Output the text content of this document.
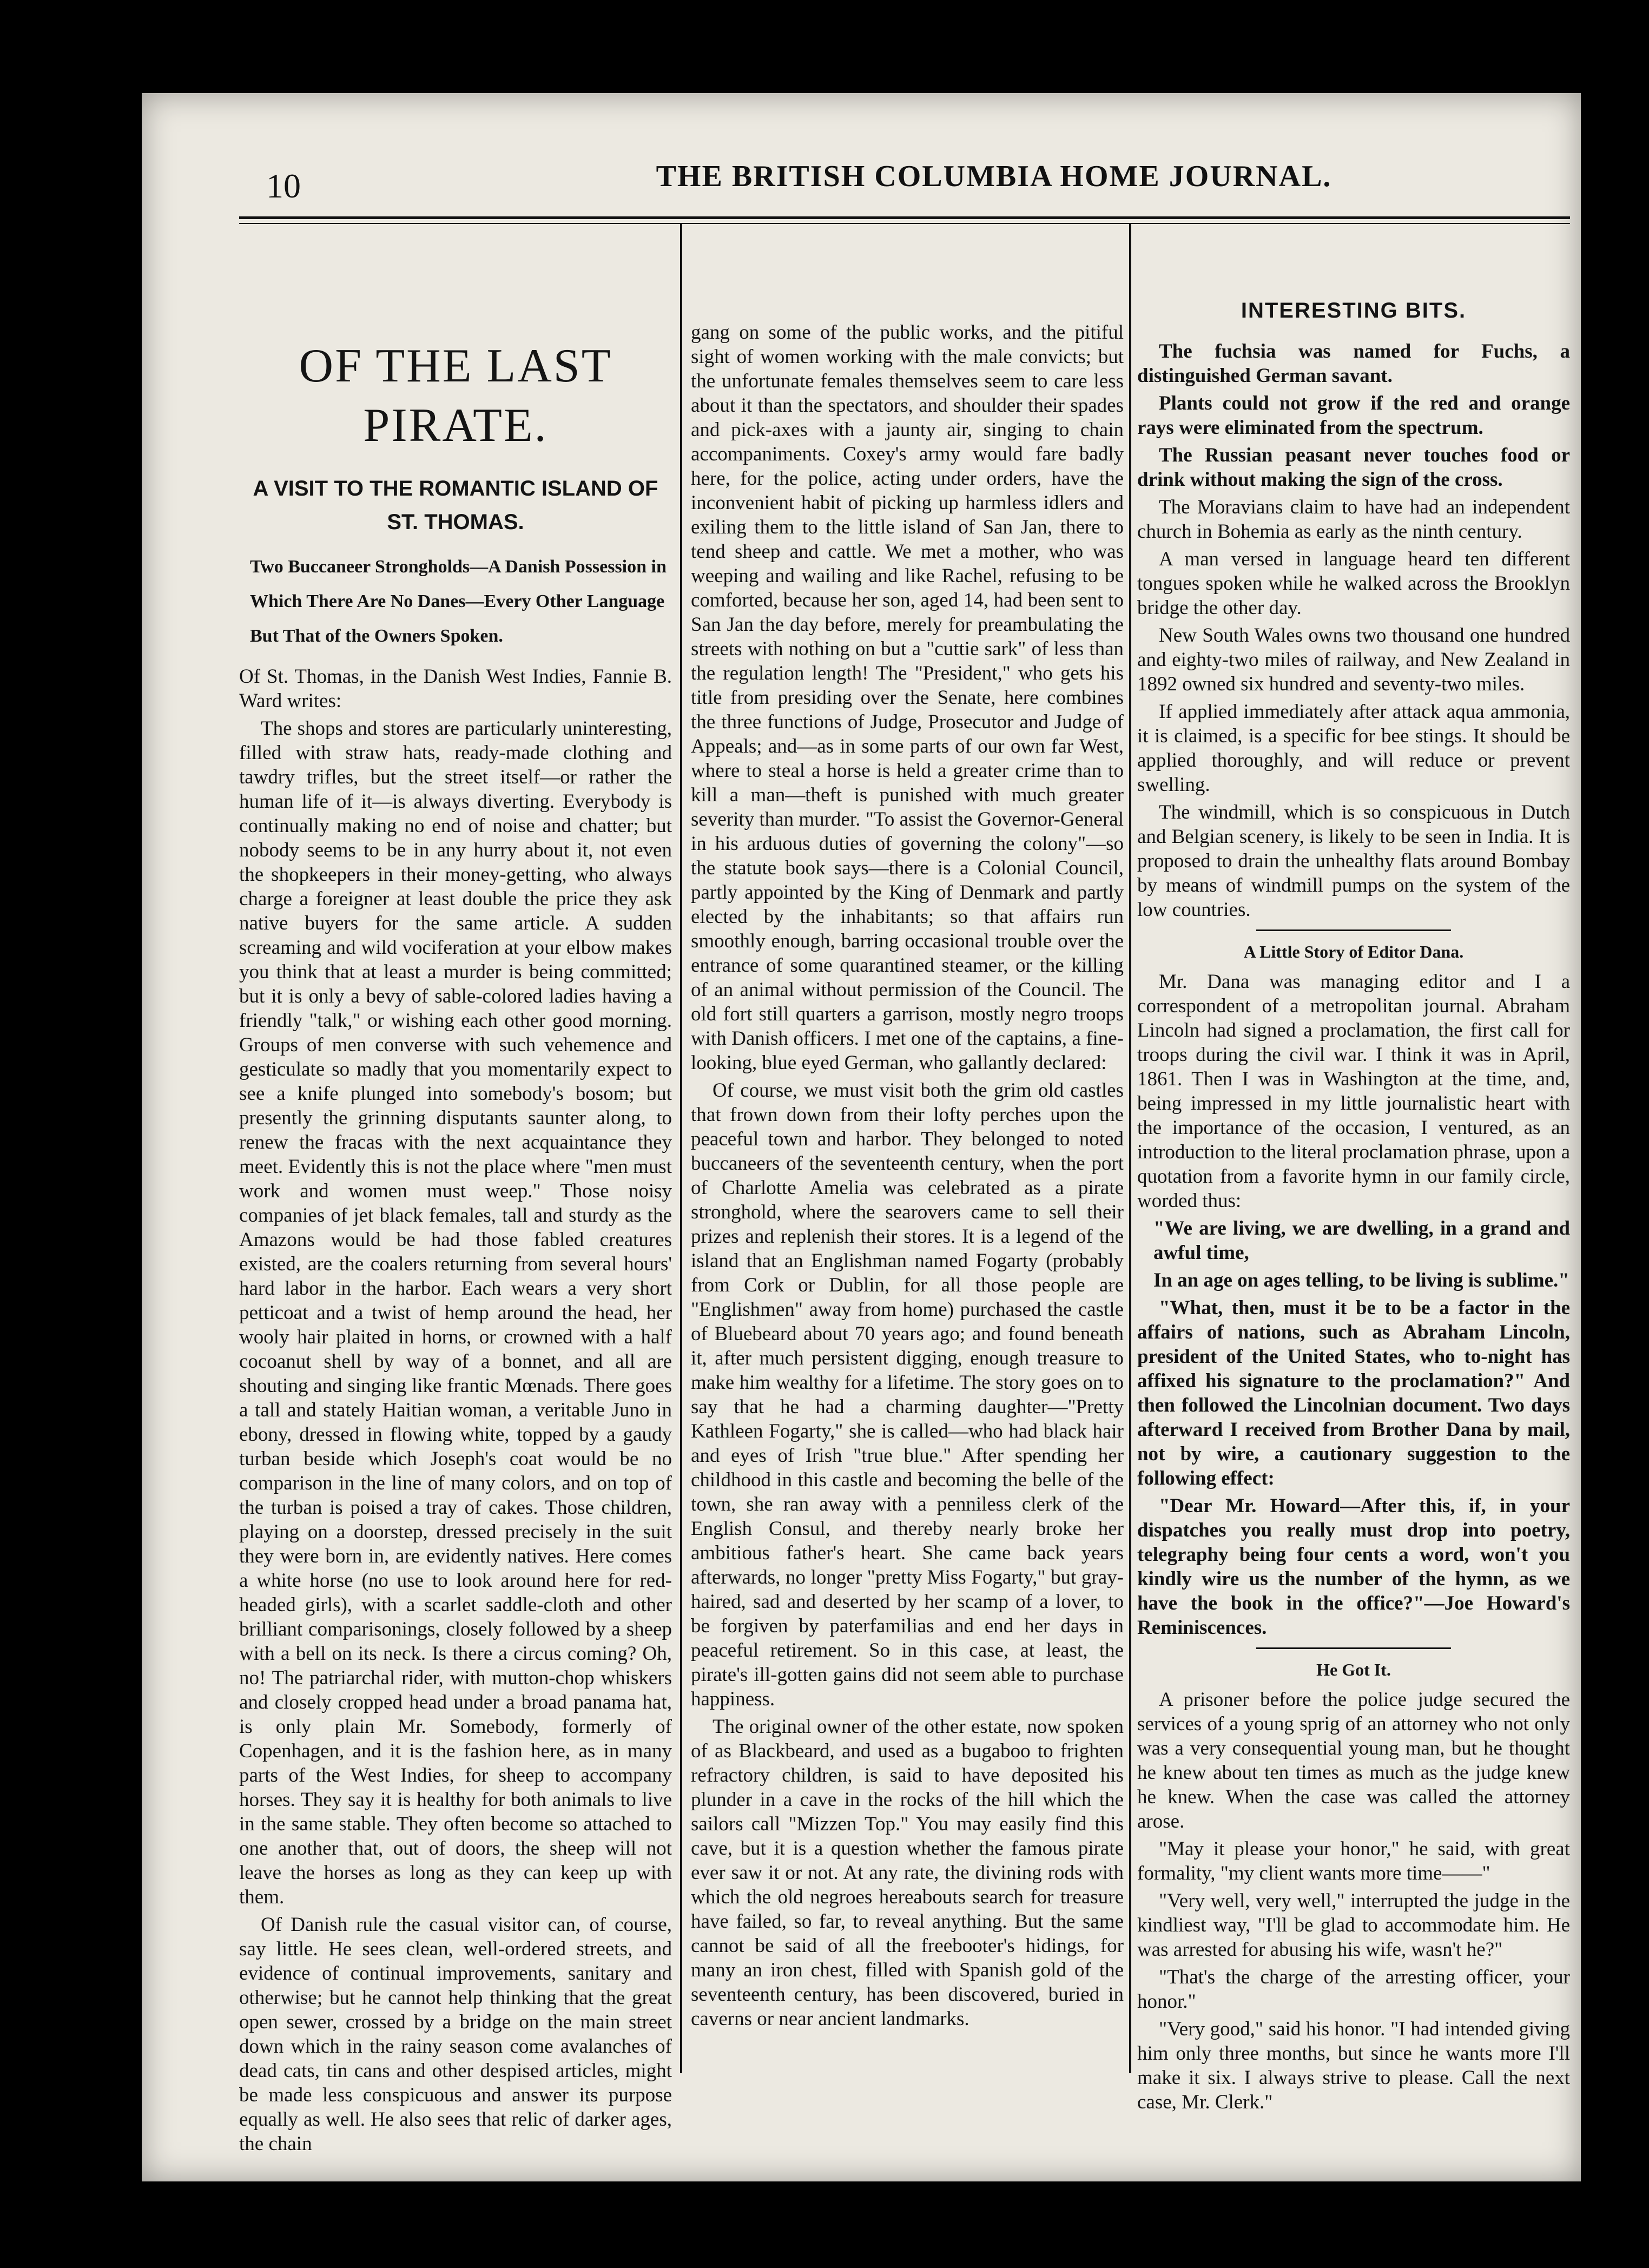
10	THE BRITISH COLUMBIA HOME JOURNAL.
OF THE LAST PIRATE.
A VISIT TO THE ROMANTIC ISLAND OF ST. THOMAS.
Two Buccaneer Strongholds—A Danish Possession in Which There Are No Danes—Every Other Language But That of the Owners Spoken.

Of St. Thomas, in the Danish West Indies, Fannie B. Ward writes:

The shops and stores are particularly uninteresting, filled with straw hats, ready-made clothing and tawdry trifles, but the street itself—or rather the human life of it—is always diverting. Everybody is continually making no end of noise and chatter; but nobody seems to be in any hurry about it, not even the shopkeepers in their money-getting, who always charge a foreigner at least double the price they ask native buyers for the same article. A sudden screaming and wild vociferation at your elbow makes you think that at least a murder is being committed; but it is only a bevy of sable-colored ladies having a friendly "talk," or wishing each other good morning. Groups of men converse with such vehemence and gesticulate so madly that you momentarily expect to see a knife plunged into somebody's bosom; but presently the grinning disputants saunter along, to renew the fracas with the next acquaintance they meet. Evidently this is not the place where "men must work and women must weep." Those noisy companies of jet black females, tall and sturdy as the Amazons would be had those fabled creatures existed, are the coalers returning from several hours' hard labor in the harbor. Each wears a very short petticoat and a twist of hemp around the head, her wooly hair plaited in horns, or crowned with a half cocoanut shell by way of a bonnet, and all are shouting and singing like frantic Mœnads. There goes a tall and stately Haitian woman, a veritable Juno in ebony, dressed in flowing white, topped by a gaudy turban beside which Joseph's coat would be no comparison in the line of many colors, and on top of the turban is poised a tray of cakes. Those children, playing on a doorstep, dressed precisely in the suit they were born in, are evidently natives. Here comes a white horse (no use to look around here for red-headed girls), with a scarlet saddle-cloth and other brilliant comparisonings, closely followed by a sheep with a bell on its neck. Is there a circus coming? Oh, no! The patriarchal rider, with mutton-chop whiskers and closely cropped head under a broad panama hat, is only plain Mr. Somebody, formerly of Copenhagen, and it is the fashion here, as in many parts of the West Indies, for sheep to accompany horses. They say it is healthy for both animals to live in the same stable. They often become so attached to one another that, out of doors, the sheep will not leave the horses as long as they can keep up with them.

Of Danish rule the casual visitor can, of course, say little. He sees clean, well-ordered streets, and evidence of continual improvements, sanitary and otherwise; but he cannot help thinking that the great open sewer, crossed by a bridge on the main street down which in the rainy season come avalanches of dead cats, tin cans and other despised articles, might be made less conspicuous and answer its purpose equally as well. He also sees that relic of darker ages, the chain

gang on some of the public works, and the pitiful sight of women working with the male convicts; but the unfortunate females themselves seem to care less about it than the spectators, and shoulder their spades and pick-axes with a jaunty air, singing to chain accompaniments. Coxey's army would fare badly here, for the police, acting under orders, have the inconvenient habit of picking up harmless idlers and exiling them to the little island of San Jan, there to tend sheep and cattle. We met a mother, who was weeping and wailing and like Rachel, refusing to be comforted, because her son, aged 14, had been sent to San Jan the day before, merely for preambulating the streets with nothing on but a "cuttie sark" of less than the regulation length! The "President," who gets his title from presiding over the Senate, here combines the three functions of Judge, Prosecutor and Judge of Appeals; and—as in some parts of our own far West, where to steal a horse is held a greater crime than to kill a man—theft is punished with much greater severity than murder. "To assist the Governor-General in his arduous duties of governing the colony"—so the statute book says—there is a Colonial Council, partly appointed by the King of Denmark and partly elected by the inhabitants; so that affairs run smoothly enough, barring occasional trouble over the entrance of some quarantined steamer, or the killing of an animal without permission of the Council. The old fort still quarters a garrison, mostly negro troops with Danish officers. I met one of the captains, a fine-looking, blue eyed German, who gallantly declared:

Of course, we must visit both the grim old castles that frown down from their lofty perches upon the peaceful town and harbor. They belonged to noted buccaneers of the seventeenth century, when the port of Charlotte Amelia was celebrated as a pirate stronghold, where the searovers came to sell their prizes and replenish their stores. It is a legend of the island that an Englishman named Fogarty (probably from Cork or Dublin, for all those people are "Englishmen" away from home) purchased the castle of Bluebeard about 70 years ago; and found beneath it, after much persistent digging, enough treasure to make him wealthy for a lifetime. The story goes on to say that he had a charming daughter—"Pretty Kathleen Fogarty," she is called—who had black hair and eyes of Irish "true blue." After spending her childhood in this castle and becoming the belle of the town, she ran away with a penniless clerk of the English Consul, and thereby nearly broke her ambitious father's heart. She came back years afterwards, no longer "pretty Miss Fogarty," but gray-haired, sad and deserted by her scamp of a lover, to be forgiven by paterfamilias and end her days in peaceful retirement. So in this case, at least, the pirate's ill-gotten gains did not seem able to purchase happiness.

The original owner of the other estate, now spoken of as Blackbeard, and used as a bugaboo to frighten refractory children, is said to have deposited his plunder in a cave in the rocks of the hill which the sailors call "Mizzen Top." You may easily find this cave, but it is a question whether the famous pirate ever saw it or not. At any rate, the divining rods with which the old negroes hereabouts search for treasure have failed, so far, to reveal anything. But the same cannot be said of all the freebooter's hidings, for many an iron chest, filled with Spanish gold of the seventeenth century, has been discovered, buried in caverns or near ancient landmarks.

INTERESTING BITS.

The fuchsia was named for Fuchs, a distinguished German savant.

Plants could not grow if the red and orange rays were eliminated from the spectrum.

The Russian peasant never touches food or drink without making the sign of the cross.

The Moravians claim to have had an independent church in Bohemia as early as the ninth century.

A man versed in language heard ten different tongues spoken while he walked across the Brooklyn bridge the other day.

New South Wales owns two thousand one hundred and eighty-two miles of railway, and New Zealand in 1892 owned six hundred and seventy-two miles.

If applied immediately after attack aqua ammonia, it is claimed, is a specific for bee stings. It should be applied thoroughly, and will reduce or prevent swelling.

The windmill, which is so conspicuous in Dutch and Belgian scenery, is likely to be seen in India. It is proposed to drain the unhealthy flats around Bombay by means of windmill pumps on the system of the low countries.

A Little Story of Editor Dana.

Mr. Dana was managing editor and I a correspondent of a metropolitan journal. Abraham Lincoln had signed a proclamation, the first call for troops during the civil war. I think it was in April, 1861. Then I was in Washington at the time, and, being impressed in my little journalistic heart with the importance of the occasion, I ventured, as an introduction to the literal proclamation phrase, upon a quotation from a favorite hymn in our family circle, worded thus:

"We are living, we are dwelling, in a grand and awful time,

In an age on ages telling, to be living is sublime."

"What, then, must it be to be a factor in the affairs of nations, such as Abraham Lincoln, president of the United States, who to-night has affixed his signature to the proclamation?" And then followed the Lincolnian document. Two days afterward I received from Brother Dana by mail, not by wire, a cautionary suggestion to the following effect:

"Dear Mr. Howard—After this, if, in your dispatches you really must drop into poetry, telegraphy being four cents a word, won't you kindly wire us the number of the hymn, as we have the book in the office?"—Joe Howard's Reminiscences.

He Got It.

A prisoner before the police judge secured the services of a young sprig of an attorney who not only was a very consequential young man, but he thought he knew about ten times as much as the judge knew he knew. When the case was called the attorney arose.

"May it please your honor," he said, with great formality, "my client wants more time——"

"Very well, very well," interrupted the judge in the kindliest way, "I'll be glad to accommodate him. He was arrested for abusing his wife, wasn't he?"

"That's the charge of the arresting officer, your honor."

"Very good," said his honor. "I had intended giving him only three months, but since he wants more I'll make it six. I always strive to please. Call the next case, Mr. Clerk."
